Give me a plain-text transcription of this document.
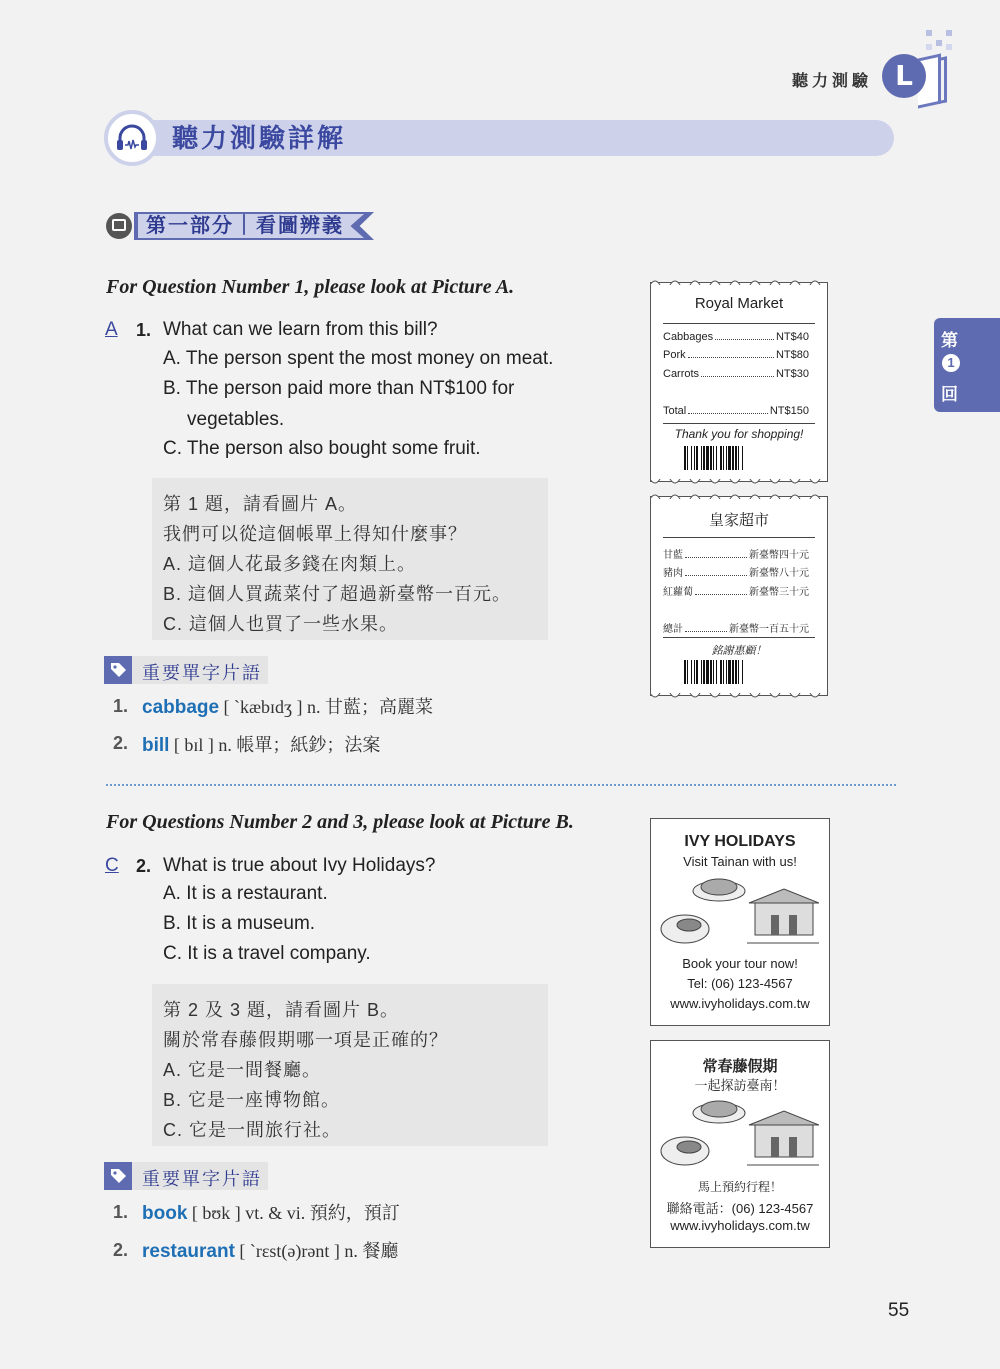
聽力測驗 L
第
1
回
聽力測驗詳解
第一部分｜看圖辨義
For Question Number 1, please look at Picture A.
A 1. What can we learn from this bill?
A. The person spent the most money on meat.
B. The person paid more than NT$100 for
vegetables.
C. The person also bought some fruit.
第 1 題，請看圖片 A。
我們可以從這個帳單上得知什麼事？
A. 這個人花最多錢在肉類上。
B. 這個人買蔬菜付了超過新臺幣一百元。
C. 這個人也買了一些水果。
重要單字片語
1. cabbage [ ˋkæbɪdʒ ] n. 甘藍；高麗菜
2. bill [ bɪl ] n. 帳單；紙鈔；法案
Royal Market
Cabbages	NT$40
Pork	NT$80
Carrots	NT$30
Total	NT$150
Thank you for shopping!
皇家超市
甘藍	新臺幣四十元
豬肉	新臺幣八十元
紅蘿蔔	新臺幣三十元
總計	新臺幣一百五十元
銘謝惠顧！
For Questions Number 2 and 3, please look at Picture B.
C 2. What is true about Ivy Holidays?
A. It is a restaurant.
B. It is a museum.
C. It is a travel company.
第 2 及 3 題，請看圖片 B。
關於常春藤假期哪一項是正確的？
A. 它是一間餐廳。
B. 它是一座博物館。
C. 它是一間旅行社。
重要單字片語
1. book [ bʊk ] vt. & vi. 預約，預訂
2. restaurant [ ˋrɛst(ə)rənt ] n. 餐廳
IVY HOLIDAYS
Visit Tainan with us!
Book your tour now!
Tel: (06) 123-4567
www.ivyholidays.com.tw
常春藤假期
一起探訪臺南！
馬上預約行程！
聯絡電話：(06) 123-4567
www.ivyholidays.com.tw
55
